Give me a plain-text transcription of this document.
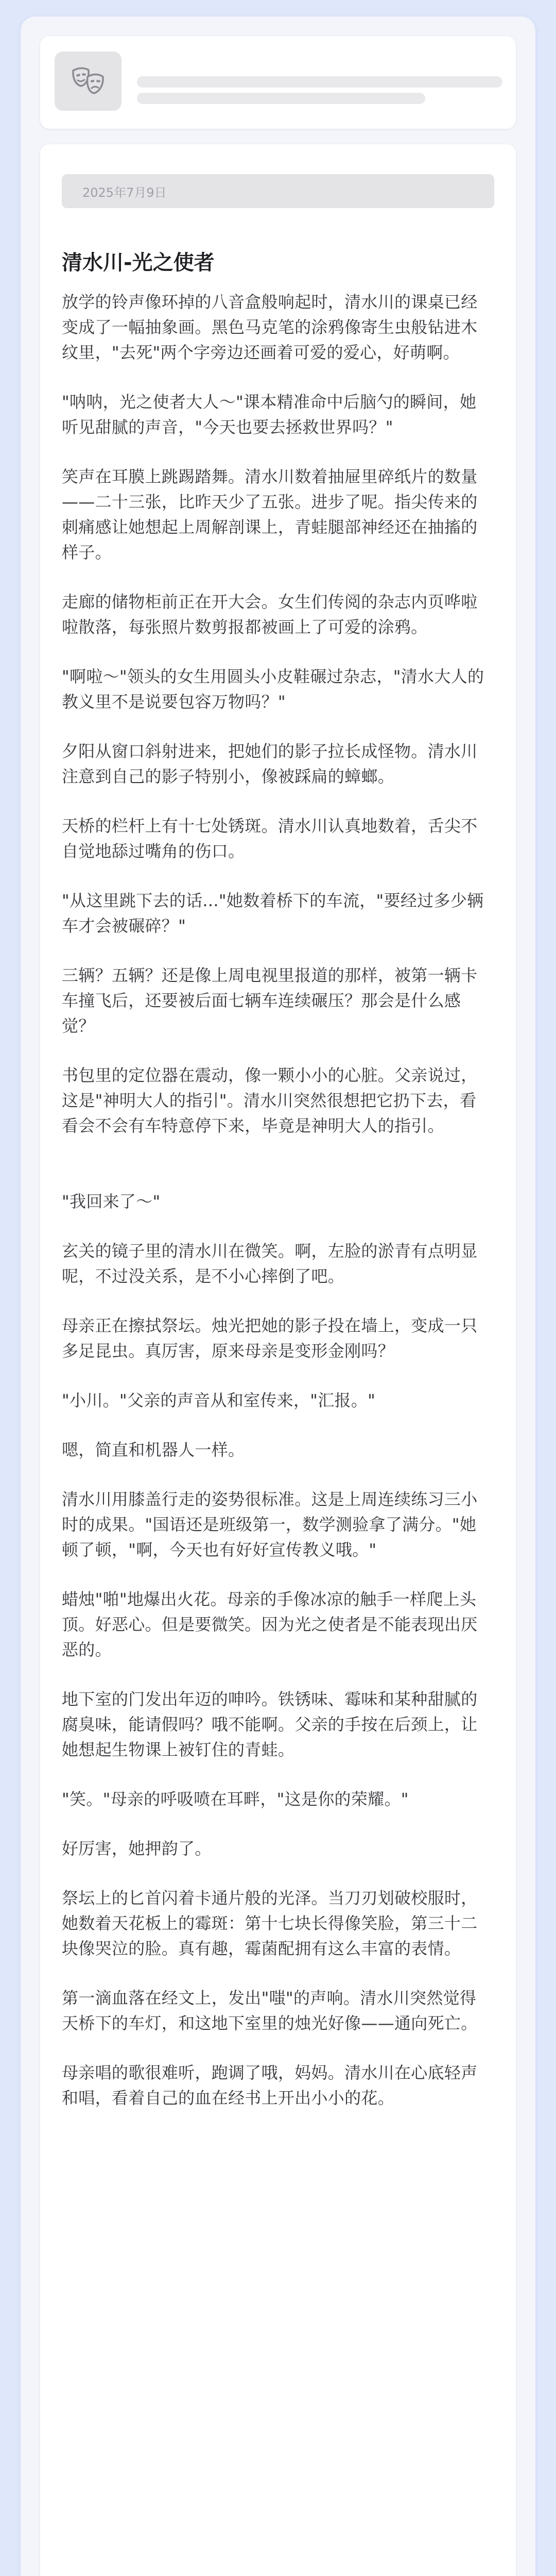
2025年7月9日
清水川-光之使者

放学的铃声像环掉的八音盒般响起时，清水川的课桌已经变成了一幅抽象画。黑色马克笔的涂鸦像寄生虫般钻进木纹里，"去死"两个字旁边还画着可爱的爱心，好萌啊。

"呐呐，光之使者大人～"课本精准命中后脑勺的瞬间，她听见甜腻的声音，"今天也要去拯救世界吗？"

笑声在耳膜上跳踢踏舞。清水川数着抽屉里碎纸片的数量——二十三张，比昨天少了五张。进步了呢。指尖传来的刺痛感让她想起上周解剖课上，青蛙腿部神经还在抽搐的样子。

走廊的储物柜前正在开大会。女生们传阅的杂志内页哗啦啦散落，每张照片数剪报都被画上了可爱的涂鸦。

"啊啦～"领头的女生用圆头小皮鞋碾过杂志，"清水大人的教义里不是说要包容万物吗？"

夕阳从窗口斜射进来，把她们的影子拉长成怪物。清水川注意到自己的影子特别小，像被踩扁的蟑螂。

天桥的栏杆上有十七处锈斑。清水川认真地数着，舌尖不自觉地舔过嘴角的伤口。

"从这里跳下去的话..."她数着桥下的车流，"要经过多少辆车才会被碾碎？"

三辆？五辆？还是像上周电视里报道的那样，被第一辆卡车撞飞后，还要被后面七辆车连续碾压？那会是什么感觉？

书包里的定位器在震动，像一颗小小的心脏。父亲说过，这是"神明大人的指引"。清水川突然很想把它扔下去，看看会不会有车特意停下来，毕竟是神明大人的指引。

"我回来了～"

玄关的镜子里的清水川在微笑。啊，左脸的淤青有点明显呢，不过没关系，是不小心摔倒了吧。

母亲正在擦拭祭坛。烛光把她的影子投在墙上，变成一只多足昆虫。真厉害，原来母亲是变形金刚吗？

"小川。"父亲的声音从和室传来，"汇报。"

嗯，简直和机器人一样。

清水川用膝盖行走的姿势很标准。这是上周连续练习三小时的成果。"国语还是班级第一，数学测验拿了满分。"她顿了顿，"啊，今天也有好好宣传教义哦。"

蜡烛"啪"地爆出火花。母亲的手像冰凉的触手一样爬上头顶。好恶心。但是要微笑。因为光之使者是不能表现出厌恶的。

地下室的门发出年迈的呻吟。铁锈味、霉味和某种甜腻的腐臭味，能请假吗？哦不能啊。父亲的手按在后颈上，让她想起生物课上被钉住的青蛙。

"笑。"母亲的呼吸喷在耳畔，"这是你的荣耀。"

好厉害，她押韵了。

祭坛上的匕首闪着卡通片般的光泽。当刀刃划破校服时，她数着天花板上的霉斑：第十七块长得像笑脸，第三十二块像哭泣的脸。真有趣，霉菌配拥有这么丰富的表情。

第一滴血落在经文上，发出"嗤"的声响。清水川突然觉得天桥下的车灯，和这地下室里的烛光好像——通向死亡。

母亲唱的歌很难听，跑调了哦，妈妈。清水川在心底轻声和唱，看着自己的血在经书上开出小小的花。
